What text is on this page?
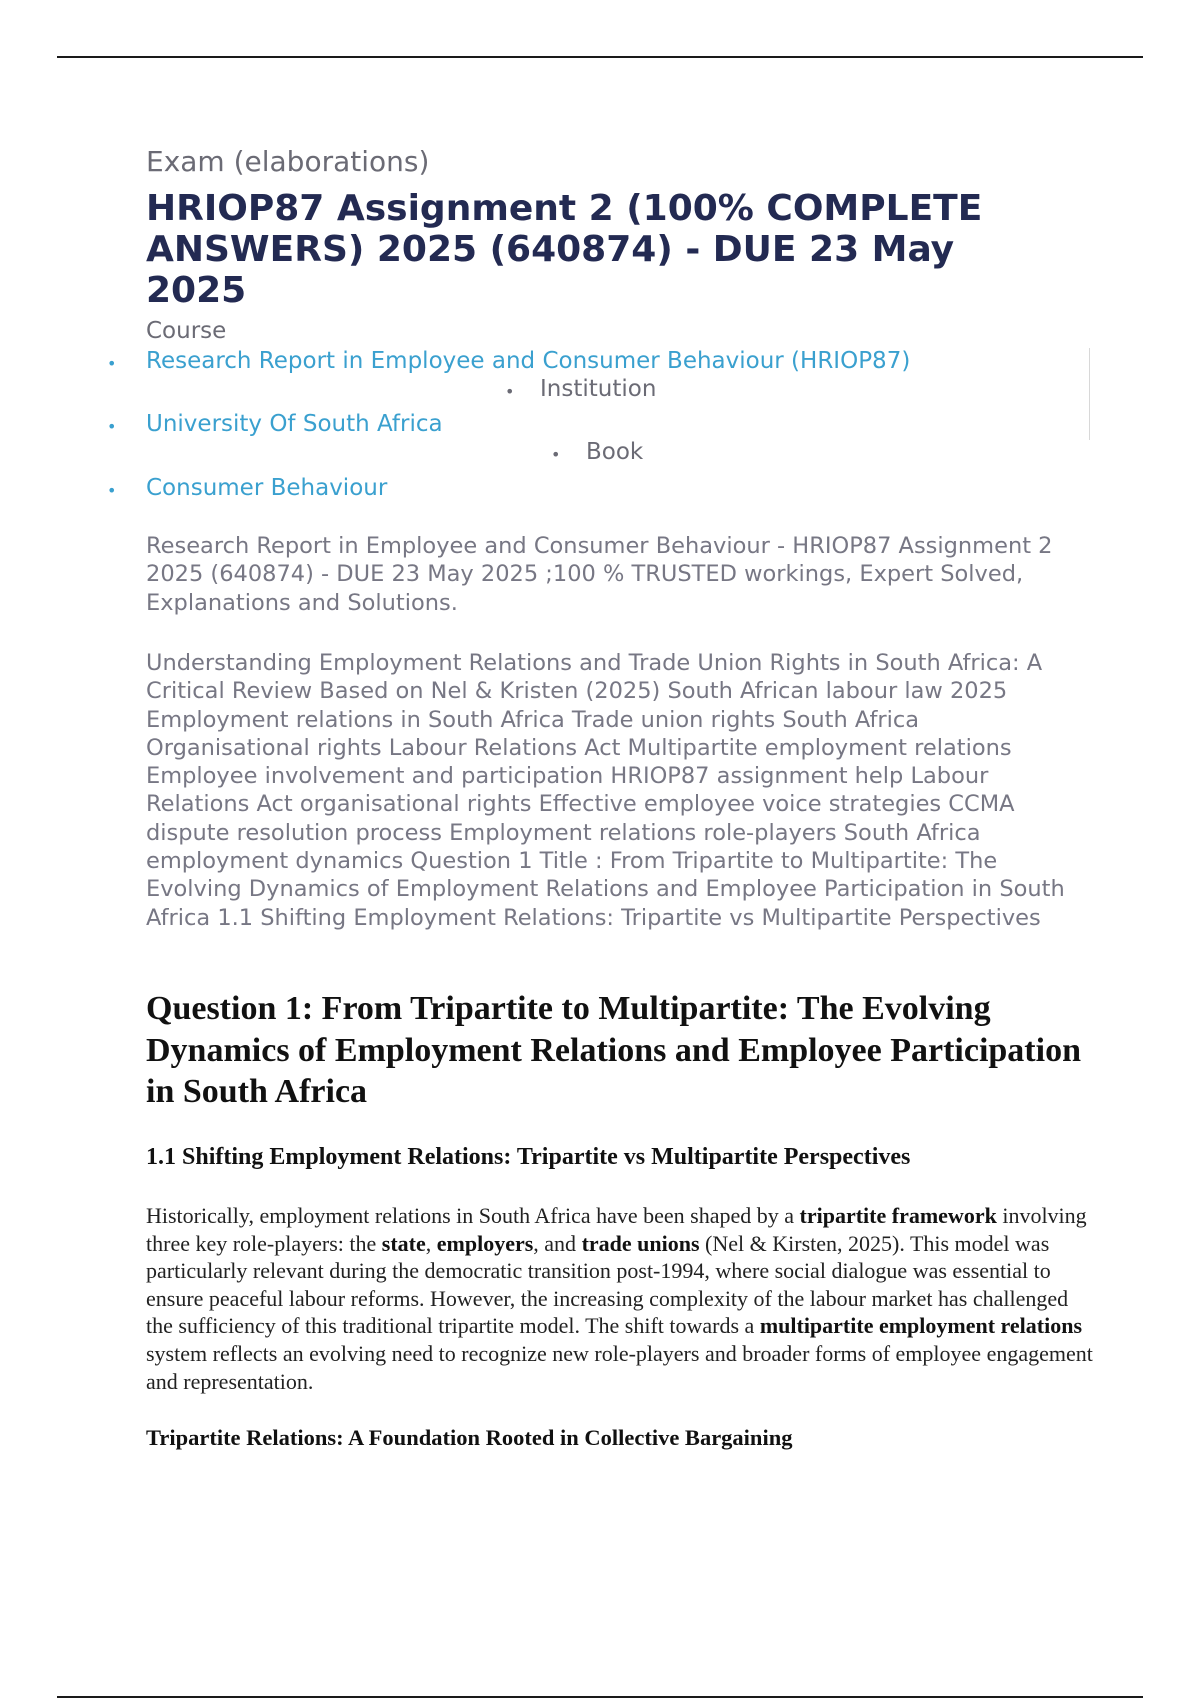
Exam (elaborations)
HRIOP87 Assignment 2 (100% COMPLETE ANSWERS) 2025 (640874) - DUE 23 May 2025
Course
• Research Report in Employee and Consumer Behaviour (HRIOP87)
• Institution
• University Of South Africa
• Book
• Consumer Behaviour

Research Report in Employee and Consumer Behaviour - HRIOP87 Assignment 2 2025 (640874) - DUE 23 May 2025 ;100 % TRUSTED workings, Expert Solved, Explanations and Solutions.

Understanding Employment Relations and Trade Union Rights in South Africa: A Critical Review Based on Nel & Kristen (2025) South African labour law 2025 Employment relations in South Africa Trade union rights South Africa Organisational rights Labour Relations Act Multipartite employment relations Employee involvement and participation HRIOP87 assignment help Labour Relations Act organisational rights Effective employee voice strategies CCMA dispute resolution process Employment relations role-players South Africa employment dynamics Question 1 Title : From Tripartite to Multipartite: The Evolving Dynamics of Employment Relations and Employee Participation in South Africa 1.1 Shifting Employment Relations: Tripartite vs Multipartite Perspectives

Question 1: From Tripartite to Multipartite: The Evolving Dynamics of Employment Relations and Employee Participation in South Africa
1.1 Shifting Employment Relations: Tripartite vs Multipartite Perspectives

Historically, employment relations in South Africa have been shaped by a tripartite framework involving three key role-players: the state, employers, and trade unions (Nel & Kirsten, 2025). This model was particularly relevant during the democratic transition post-1994, where social dialogue was essential to ensure peaceful labour reforms. However, the increasing complexity of the labour market has challenged the sufficiency of this traditional tripartite model. The shift towards a multipartite employment relations system reflects an evolving need to recognize new role-players and broader forms of employee engagement and representation.

Tripartite Relations: A Foundation Rooted in Collective Bargaining
